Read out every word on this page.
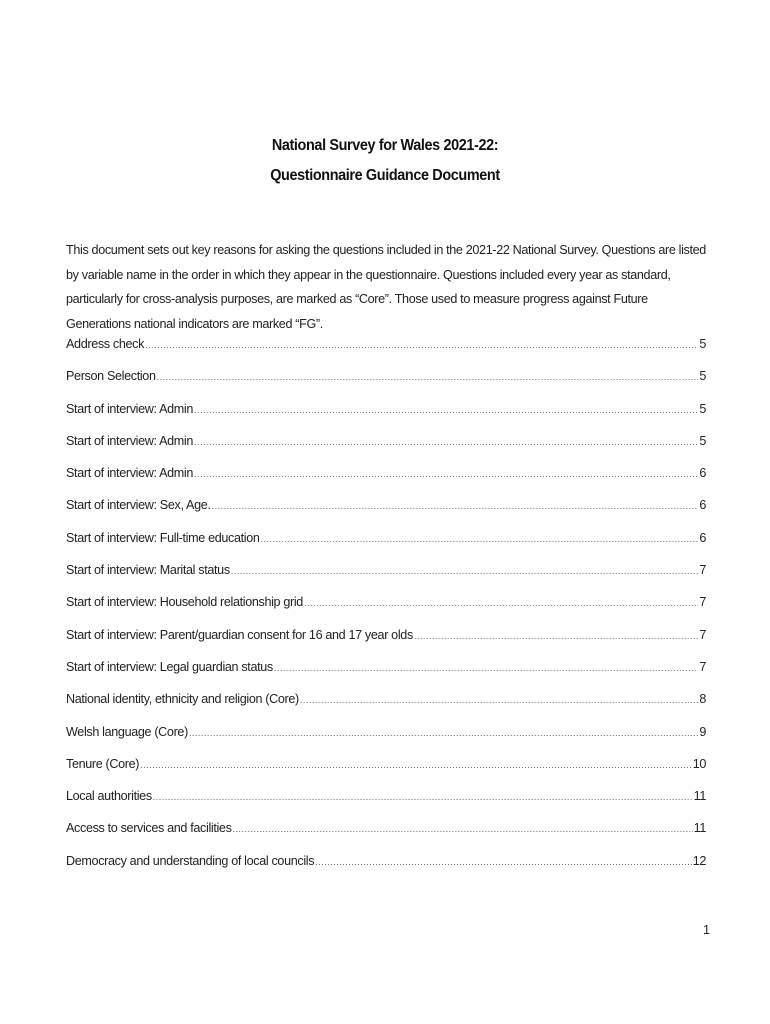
National Survey for Wales 2021-22:
Questionnaire Guidance Document

This document sets out key reasons for asking the questions included in the 2021-22 National Survey. Questions are listed by variable name in the order in which they appear in the questionnaire. Questions included every year as standard, particularly for cross-analysis purposes, are marked as “Core”. Those used to measure progress against Future Generations national indicators are marked “FG”.

Address check .....	5
Person Selection .....	5
Start of interview: Admin .....	5
Start of interview: Admin .....	5
Start of interview: Admin .....	6
Start of interview: Sex, Age. .....	6
Start of interview: Full-time education .....	6
Start of interview: Marital status .....	7
Start of interview: Household relationship grid .....	7
Start of interview: Parent/guardian consent for 16 and 17 year olds .....	7
Start of interview: Legal guardian status .....	7
National identity, ethnicity and religion (Core) .....	8
Welsh language (Core) .....	9
Tenure (Core) .....	10
Local authorities .....	11
Access to services and facilities .....	11
Democracy and understanding of local councils .....	12
1
